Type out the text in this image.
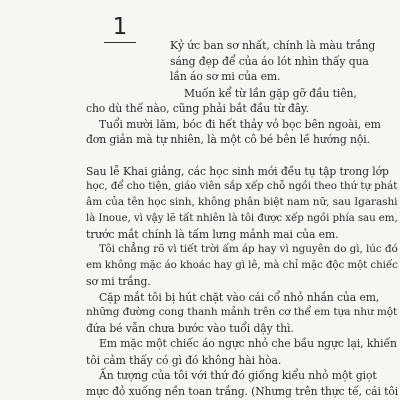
1
Kỷ ức ban sơ nhất, chính là màu trắng
sáng đẹp để của áo lót nhìn thấy qua
lần áo sơ mi của em.
Muốn kể từ lần gặp gỡ đầu tiên,
cho dù thế nào, cũng phải bắt đầu từ đây.
Tuổi mười lăm, bóc đi hết thảy vỏ bọc bên ngoài, em
đơn giản mà tự nhiên, là một cô bé bên lề hướng nội.
Sau lễ Khai giảng, các học sinh mới đều tụ tập trong lớp
học, để cho tiện, giáo viên sắp xếp chỗ ngồi theo thứ tự phát
âm của tên học sinh, không phân biệt nam nữ, sau Igarashi
là Inoue, vì vậy lẽ tất nhiên là tôi được xếp ngồi phía sau em,
trước mắt chính là tấm lưng mảnh mai của em.
Tôi chẳng rõ vì tiết trời ấm áp hay vì nguyên do gì, lúc đó
em không mặc áo khoác hay gì lê, mà chỉ mặc độc một chiếc
sơ mi trắng.
Cặp mắt tôi bị hút chặt vào cái cổ nhỏ nhắn của em,
những đường cong thanh mảnh trên cơ thể em tựa như một
đứa bé vẫn chưa bước vào tuổi dậy thì.
Em mặc một chiếc áo ngực nhỏ che bầu ngực lại, khiến
tôi cảm thấy có gì đó không hài hòa.
Ấn tượng của tôi với thứ đó giống kiểu nhỏ một giọt
mực đỏ xuống nền toan trắng. (Nhưng trên thực tế, cái tôi
